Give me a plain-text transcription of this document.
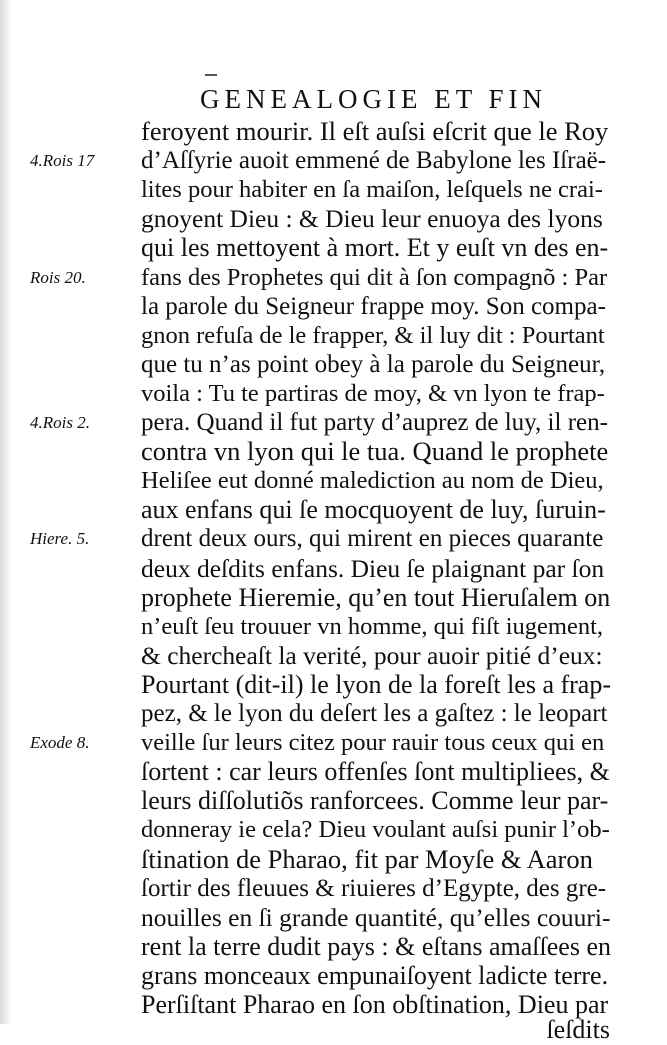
GENEALOGIE ET FIN
feroyent mourir. Il eſt auſsi eſcrit que le Roy
d’Aſſyrie auoit emmené de Babylone les Iſraë-
lites pour habiter en ſa maiſon, leſquels ne crai-
gnoyent Dieu : & Dieu leur enuoya des lyons
qui les mettoyent à mort. Et y euſt vn des en-
fans des Prophetes qui dit à ſon compagnõ : Par
la parole du Seigneur frappe moy. Son compa-
gnon refuſa de le frapper, & il luy dit : Pourtant
que tu n’as point obey à la parole du Seigneur,
voila : Tu te partiras de moy, & vn lyon te frap-
pera. Quand il fut party d’auprez de luy, il ren-
contra vn lyon qui le tua. Quand le prophete
Heliſee eut donné malediction au nom de Dieu,
aux enfans qui ſe mocquoyent de luy, ſuruin-
drent deux ours, qui mirent en pieces quarante
deux deſdits enfans. Dieu ſe plaignant par ſon
prophete Hieremie, qu’en tout Hieruſalem on
n’euſt ſeu trouuer vn homme, qui fiſt iugement,
& chercheaſt la verité, pour auoir pitié d’eux:
Pourtant (dit-il) le lyon de la foreſt les a frap-
pez, & le lyon du deſert les a gaſtez : le leopart
veille ſur leurs citez pour rauir tous ceux qui en
ſortent : car leurs offenſes ſont multipliees, &
leurs diſſolutiõs ranforcees. Comme leur par-
donneray ie cela? Dieu voulant auſsi punir l’ob-
ſtination de Pharao, fit par Moyſe & Aaron
ſortir des fleuues & riuieres d’Egypte, des gre-
nouilles en ſi grande quantité, qu’elles couuri-
rent la terre dudit pays : & eſtans amaſſees en
grans monceaux empunaiſoyent ladicte terre.
Perſiſtant Pharao en ſon obſtination, Dieu par
4.Rois 17
Rois 20.
4.Rois 2.
Hiere. 5.
Exode 8.
ſeſdits
